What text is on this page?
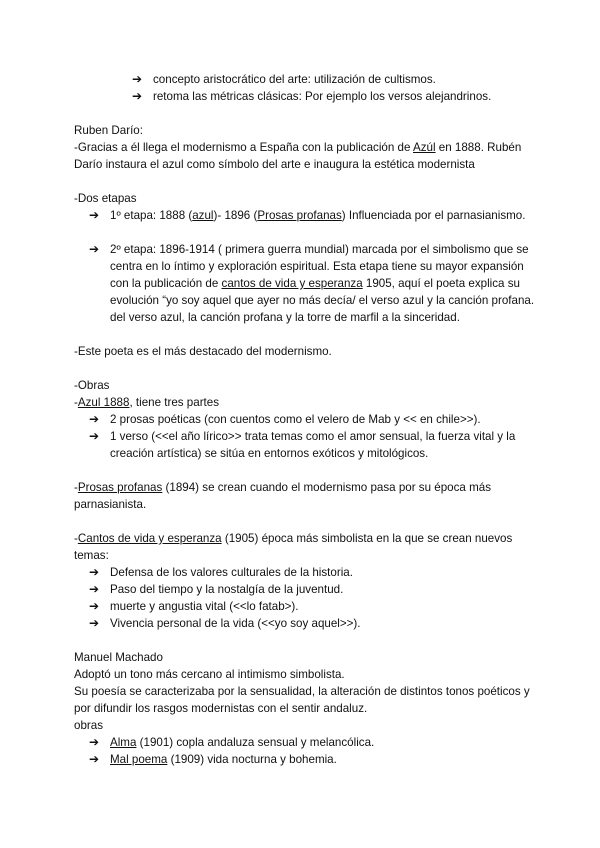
➔ concepto aristocrático del arte: utilización de cultismos.
➔ retoma las métricas clásicas: Por ejemplo los versos alejandrinos.

Ruben Darío:

-Gracias a él llega el modernismo a España con la publicación de Azúl en 1888. Rubén Darío instaura el azul como símbolo del arte e inaugura la estética modernista

-Dos etapas

➔ 1º etapa: 1888 (azul)- 1896 (Prosas profanas) Influenciada por el parnasianismo.
➔ 2º etapa: 1896-1914 ( primera guerra mundial) marcada por el simbolismo que se centra en lo íntimo y exploración espiritual. Esta etapa tiene su mayor expansión con la publicación de cantos de vida y esperanza 1905, aquí el poeta explica su evolución “yo soy aquel que ayer no más decía/ el verso azul y la canción profana. del verso azul, la canción profana y la torre de marfil a la sinceridad.

-Este poeta es el más destacado del modernismo.

-Obras

-Azul 1888, tiene tres partes

➔ 2 prosas poéticas (con cuentos como el velero de Mab y << en chile>>).
➔ 1 verso (<<el año lírico>> trata temas como el amor sensual, la fuerza vital y la creación artística) se sitúa en entornos exóticos y mitológicos.

-Prosas profanas (1894) se crean cuando el modernismo pasa por su época más parnasianista.

-Cantos de vida y esperanza (1905) época más simbolista en la que se crean nuevos temas:

➔ Defensa de los valores culturales de la historia.
➔ Paso del tiempo y la nostalgía de la juventud.
➔ muerte y angustia vital (<<lo fatab>).
➔ Vivencia personal de la vida (<<yo soy aquel>>).

Manuel Machado

Adoptó un tono más cercano al intimismo simbolista.

Su poesía se caracterizaba por la sensualidad, la alteración de distintos tonos poéticos y por difundir los rasgos modernistas con el sentir andaluz.

obras

➔ Alma (1901) copla andaluza sensual y melancólica.
➔ Mal poema (1909) vida nocturna y bohemia.
